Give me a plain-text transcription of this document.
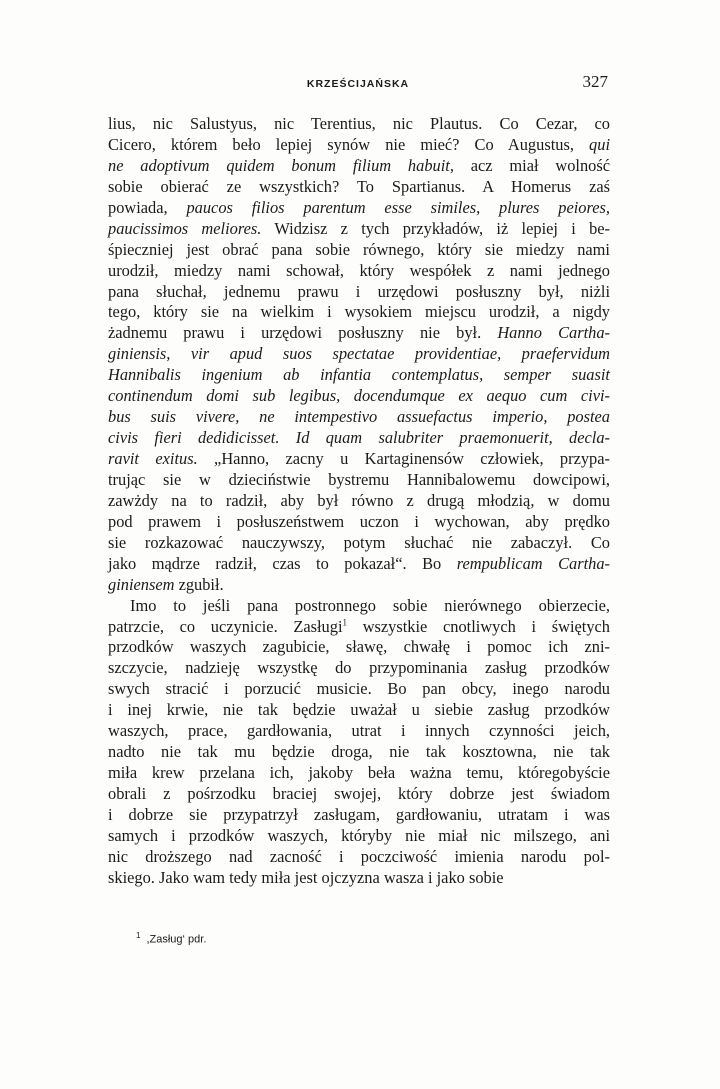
KRZEŚCIJAŃSKA	327
lius, nic Salustyus, nic Terentius, nic Plautus. Co Cezar, co
Cicero, którem beło lepiej synów nie mieć? Co Augustus, qui
ne adoptivum quidem bonum filium habuit, acz miał wolność
sobie obierać ze wszystkich? To Spartianus. A Homerus zaś
powiada, paucos filios parentum esse similes, plures peiores,
paucissimos meliores. Widzisz z tych przykładów, iż lepiej i be-
śpieczniej jest obrać pana sobie równego, który sie miedzy nami
urodził, miedzy nami schował, który wespółek z nami jednego
pana słuchał, jednemu prawu i urzędowi posłuszny był, niżli
tego, który sie na wielkim i wysokiem miejscu urodził, a nigdy
żadnemu prawu i urzędowi posłuszny nie był. Hanno Cartha-
giniensis, vir apud suos spectatae providentiae, praefervidum
Hannibalis ingenium ab infantia contemplatus, semper suasit
continendum domi sub legibus, docendumque ex aequo cum civi-
bus suis vivere, ne intempestivo assuefactus imperio, postea
civis fieri dedidicisset. Id quam salubriter praemonuerit, decla-
ravit exitus. „Hanno, zacny u Kartaginensów człowiek, przypa-
trując sie w dzieciństwie bystremu Hannibalowemu dowcipowi,
zawżdy na to radził, aby był równo z drugą młodzią, w domu
pod prawem i posłuszeństwem uczon i wychowan, aby prędko
sie rozkazować nauczywszy, potym słuchać nie zabaczył. Co
jako mądrze radził, czas to pokazał“. Bo rempublicam Cartha-
giniensem zgubił.
Imo to jeśli pana postronnego sobie nierównego obierzecie,
patrzcie, co uczynicie. Zasługi$^1$ wszystkie cnotliwych i świętych
przodków waszych zagubicie, sławę, chwałę i pomoc ich zni-
szczycie, nadzieję wszystkę do przypominania zasług przodków
swych stracić i porzucić musicie. Bo pan obcy, inego narodu
i inej krwie, nie tak będzie uważał u siebie zasług przodków
waszych, prace, gardłowania, utrat i innych czynności jeich,
nadto nie tak mu będzie droga, nie tak kosztowna, nie tak
miła krew przelana ich, jakoby beła ważna temu, któregobyście
obrali z pośrzodku braciej swojej, który dobrze jest świadom
i dobrze sie przypatrzył zasługam, gardłowaniu, utratam i was
samych i przodków waszych, któryby nie miał nic milszego, ani
nic droższego nad zacność i poczciwość imienia narodu pol-
skiego. Jako wam tedy miła jest ojczyzna wasza i jako sobie
$^1$ ,Zasług‘ pdr.
